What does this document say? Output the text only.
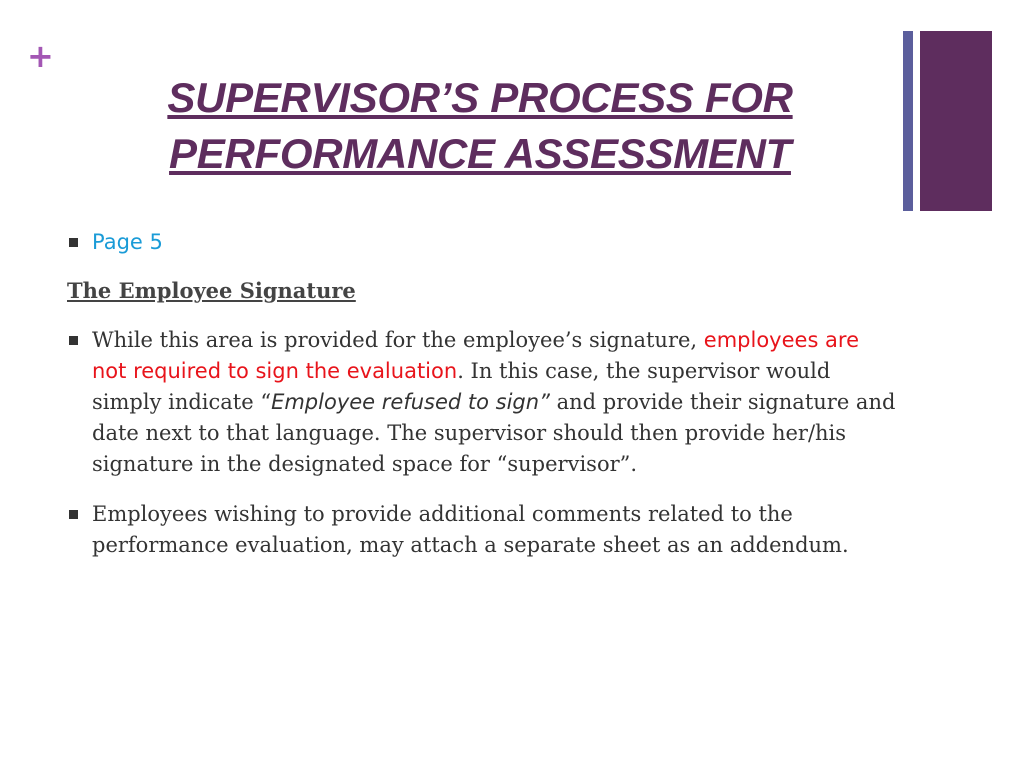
+
SUPERVISOR’S PROCESS FOR
PERFORMANCE ASSESSMENT
Page 5
The Employee Signature
While this area is provided for the employee’s signature, employees are not required to sign the evaluation. In this case, the supervisor would simply indicate “Employee refused to sign” and provide their signature and date next to that language. The supervisor should then provide her/his signature in the designated space for “supervisor”.
Employees wishing to provide additional comments related to the performance evaluation, may attach a separate sheet as an addendum.
